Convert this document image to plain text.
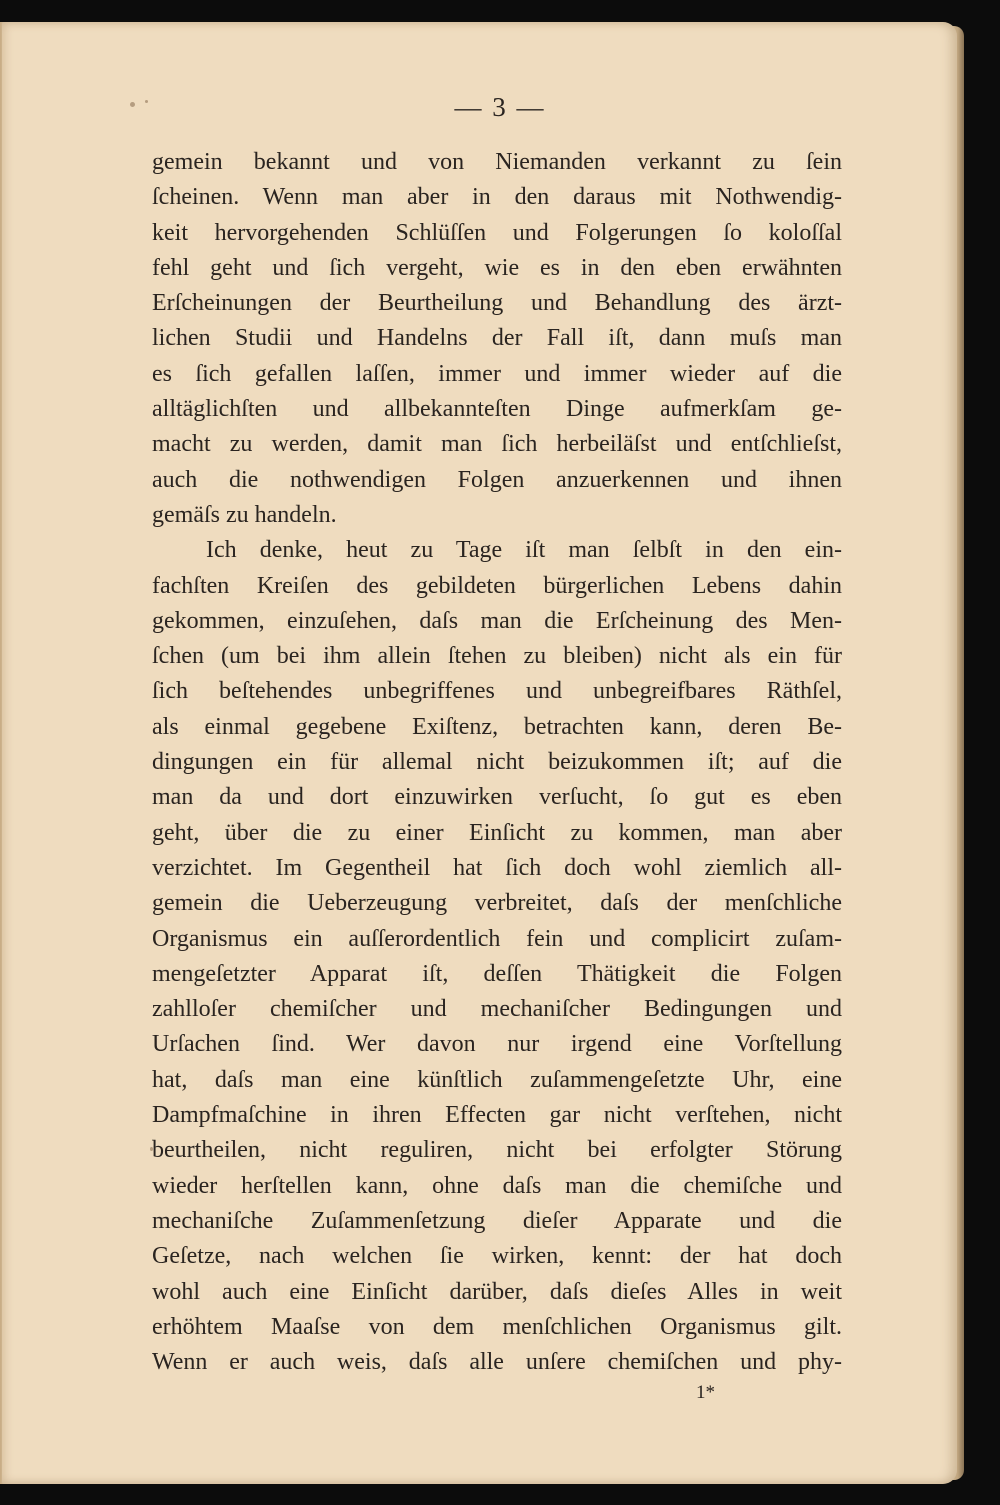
— 3 —
gemein bekannt und von Niemanden verkannt zu ſein
ſcheinen. Wenn man aber in den daraus mit Nothwendig-
keit hervorgehenden Schlüſſen und Folgerungen ſo koloſſal
fehl geht und ſich vergeht, wie es in den eben erwähnten
Erſcheinungen der Beurtheilung und Behandlung des ärzt-
lichen Studii und Handelns der Fall iſt, dann muſs man
es ſich gefallen laſſen, immer und immer wieder auf die
alltäglichſten und allbekannteſten Dinge aufmerkſam ge-
macht zu werden, damit man ſich herbeiläſst und entſchlieſst,
auch die nothwendigen Folgen anzuerkennen und ihnen
gemäſs zu handeln.
Ich denke, heut zu Tage iſt man ſelbſt in den ein-
fachſten Kreiſen des gebildeten bürgerlichen Lebens dahin
gekommen, einzuſehen, daſs man die Erſcheinung des Men-
ſchen (um bei ihm allein ſtehen zu bleiben) nicht als ein für
ſich beſtehendes unbegriffenes und unbegreifbares Räthſel,
als einmal gegebene Exiſtenz, betrachten kann, deren Be-
dingungen ein für allemal nicht beizukommen iſt; auf die
man da und dort einzuwirken verſucht, ſo gut es eben
geht, über die zu einer Einſicht zu kommen, man aber
verzichtet. Im Gegentheil hat ſich doch wohl ziemlich all-
gemein die Ueberzeugung verbreitet, daſs der menſchliche
Organismus ein auſſerordentlich fein und complicirt zuſam-
mengeſetzter Apparat iſt, deſſen Thätigkeit die Folgen
zahlloſer chemiſcher und mechaniſcher Bedingungen und
Urſachen ſind. Wer davon nur irgend eine Vorſtellung
hat, daſs man eine künſtlich zuſammengeſetzte Uhr, eine
Dampfmaſchine in ihren Effecten gar nicht verſtehen, nicht
beurtheilen, nicht reguliren, nicht bei erfolgter Störung
wieder herſtellen kann, ohne daſs man die chemiſche und
mechaniſche Zuſammenſetzung dieſer Apparate und die
Geſetze, nach welchen ſie wirken, kennt: der hat doch
wohl auch eine Einſicht darüber, daſs dieſes Alles in weit
erhöhtem Maaſse von dem menſchlichen Organismus gilt.
Wenn er auch weis, daſs alle unſere chemiſchen und phy-
1*
